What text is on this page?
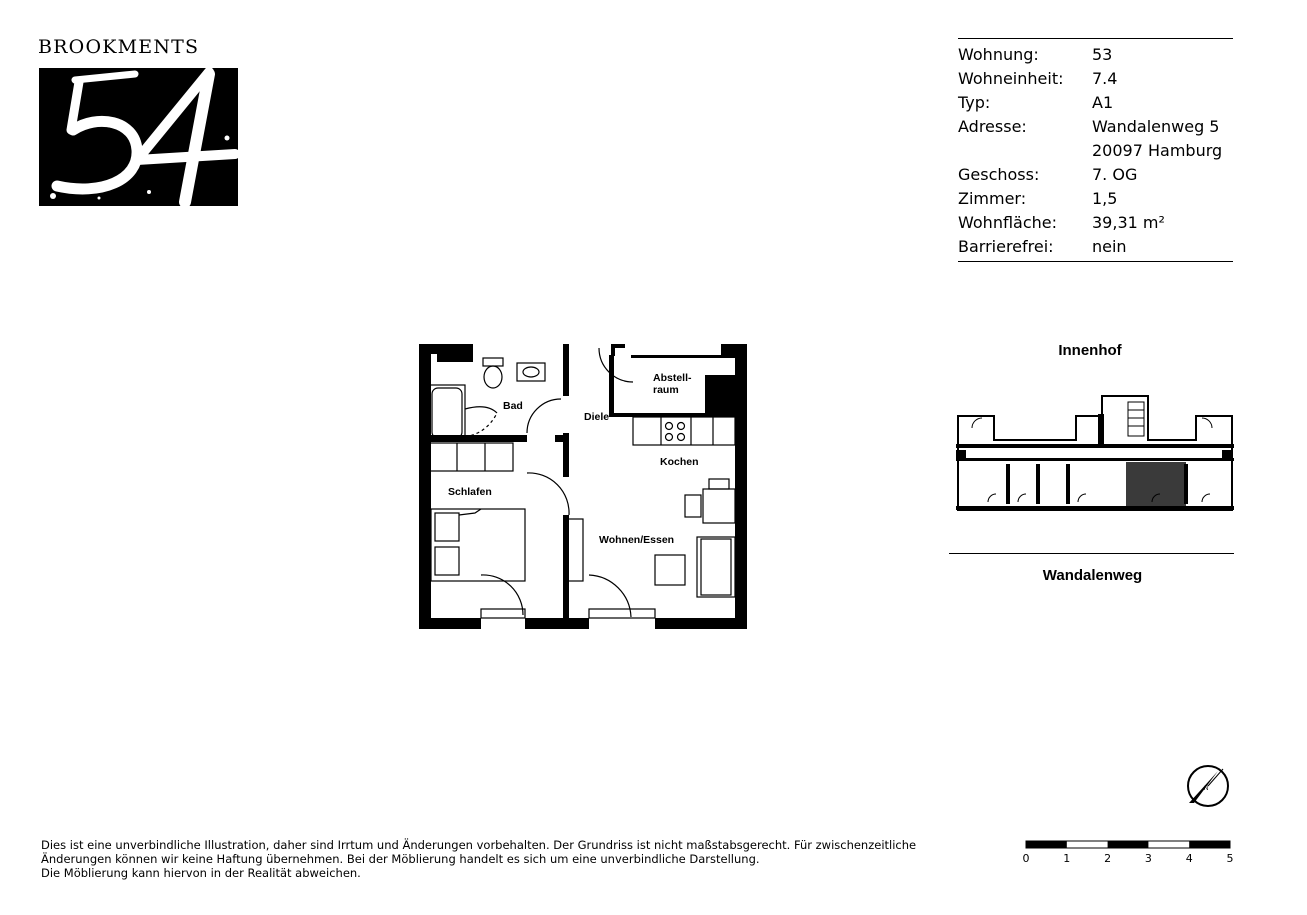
BROOKMENTS	Wohnung:	53
Wohneinheit:	7.4
Typ:	A1
Adresse:	Wandalenweg 5
20097 Hamburg
Geschoss:	7. OG
Zimmer:	1,5
Wohnfläche:	39,31 m²
Barrierefrei:	nein
Bad
Abstell-
raum
Diele
Kochen
Schlafen
Wohnen/Essen
Innenhof
Wandalenweg
N
Dies ist eine unverbindliche Illustration, daher sind Irrtum und Änderungen vorbehalten. Der Grundriss ist nicht maßstabsgerecht. Für zwischenzeitliche
Änderungen können wir keine Haftung übernehmen. Bei der Möblierung handelt es sich um eine unverbindliche Darstellung.
Die Möblierung kann hiervon in der Realität abweichen.
0	1	2	3	4	5
